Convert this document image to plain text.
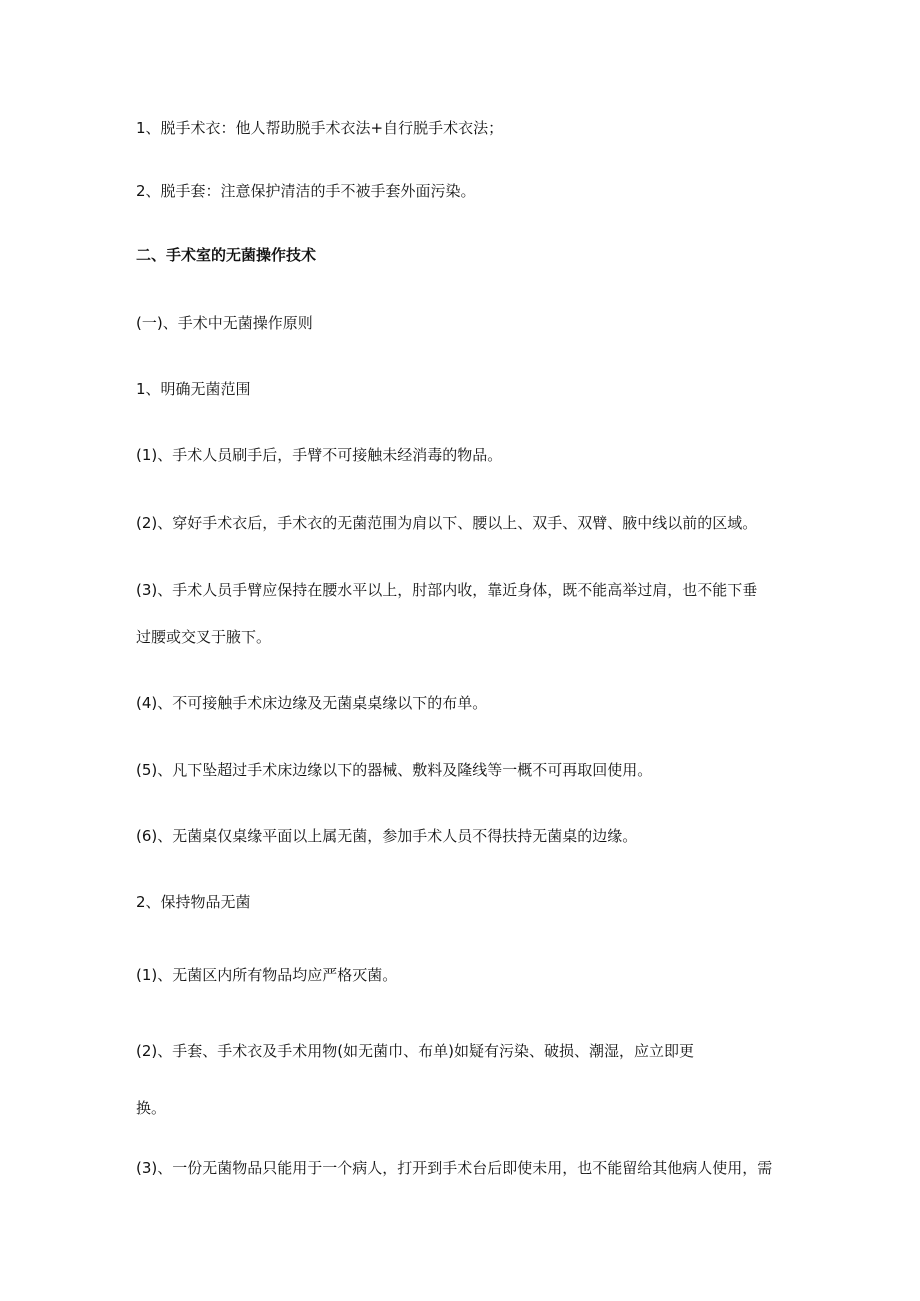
1、脱手术衣：他人帮助脱手术衣法+自行脱手术衣法；
2、脱手套：注意保护清洁的手不被手套外面污染。
二、手术室的无菌操作技术
(一)、手术中无菌操作原则
1、明确无菌范围
(1)、手术人员刷手后，手臂不可接触未经消毒的物品。
(2)、穿好手术衣后，手术衣的无菌范围为肩以下、腰以上、双手、双臂、腋中线以前的区域。
(3)、手术人员手臂应保持在腰水平以上，肘部内收，靠近身体，既不能高举过肩，也不能下垂
过腰或交叉于腋下。
(4)、不可接触手术床边缘及无菌桌桌缘以下的布单。
(5)、凡下坠超过手术床边缘以下的器械、敷料及隆线等一概不可再取回使用。
(6)、无菌桌仅桌缘平面以上属无菌，参加手术人员不得扶持无菌桌的边缘。
2、保持物品无菌
(1)、无菌区内所有物品均应严格灭菌。
(2)、手套、手术衣及手术用物(如无菌巾、布单)如疑有污染、破损、潮湿，应立即更
换。
(3)、一份无菌物品只能用于一个病人，打开到手术台后即使未用，也不能留给其他病人使用，需
